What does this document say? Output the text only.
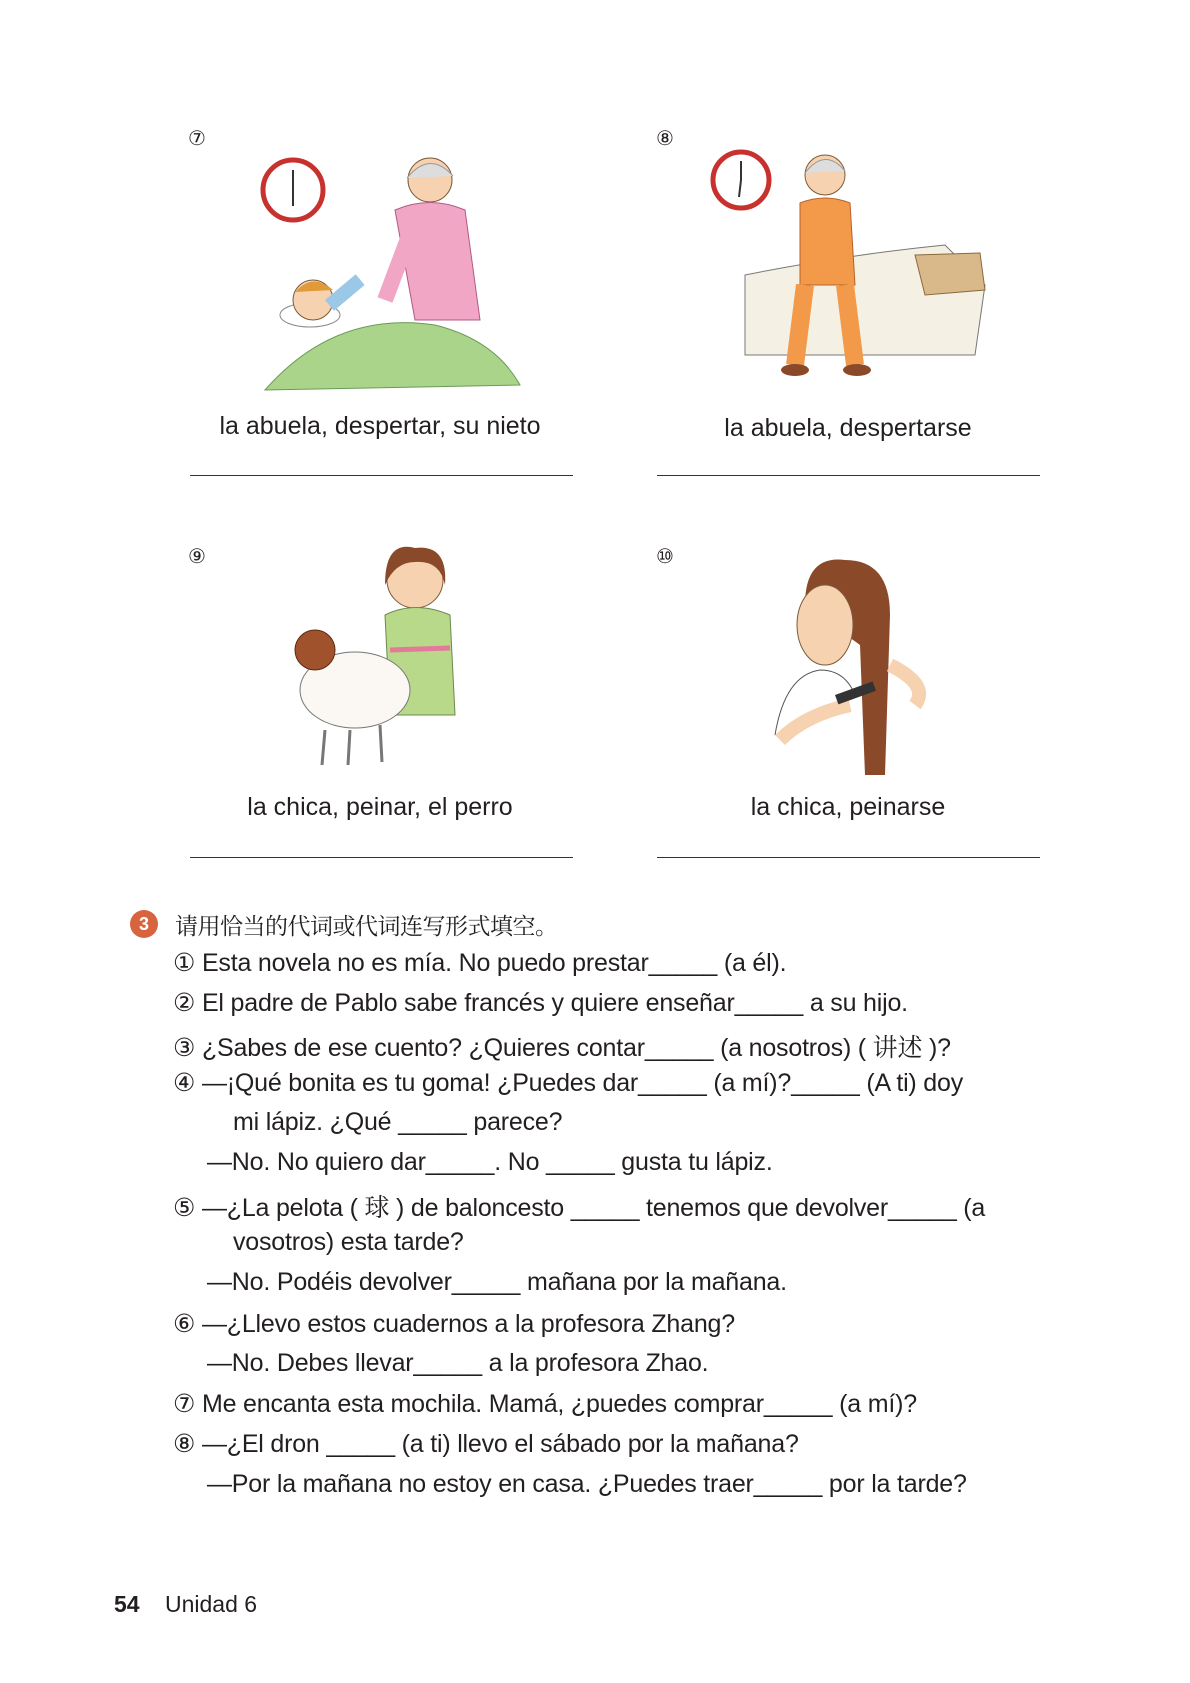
⑦
la abuela, despertar, su nieto
⑧
la abuela, despertarse
⑨
la chica, peinar, el perro
⑩
la chica, peinarse
3	请用恰当的代词或代词连写形式填空。
① Esta novela no es mía. No puedo prestar_____ (a él).
② El padre de Pablo sabe francés y quiere enseñar_____ a su hijo.
③ ¿Sabes de ese cuento? ¿Quieres contar_____ (a nosotros) ( 讲述 )?
④ —¡Qué bonita es tu goma! ¿Puedes dar_____ (a mí)?_____ (A ti) doy
mi lápiz. ¿Qué _____ parece?
—No. No quiero dar_____. No _____ gusta tu lápiz.
⑤ —¿La pelota ( 球 ) de baloncesto _____ tenemos que devolver_____ (a
vosotros) esta tarde?
—No. Podéis devolver_____ mañana por la mañana.
⑥ —¿Llevo estos cuadernos a la profesora Zhang?
—No. Debes llevar_____ a la profesora Zhao.
⑦ Me encanta esta mochila. Mamá, ¿puedes comprar_____ (a mí)?
⑧ —¿El dron _____ (a ti) llevo el sábado por la mañana?
—Por la mañana no estoy en casa. ¿Puedes traer_____ por la tarde?
54 Unidad 6
